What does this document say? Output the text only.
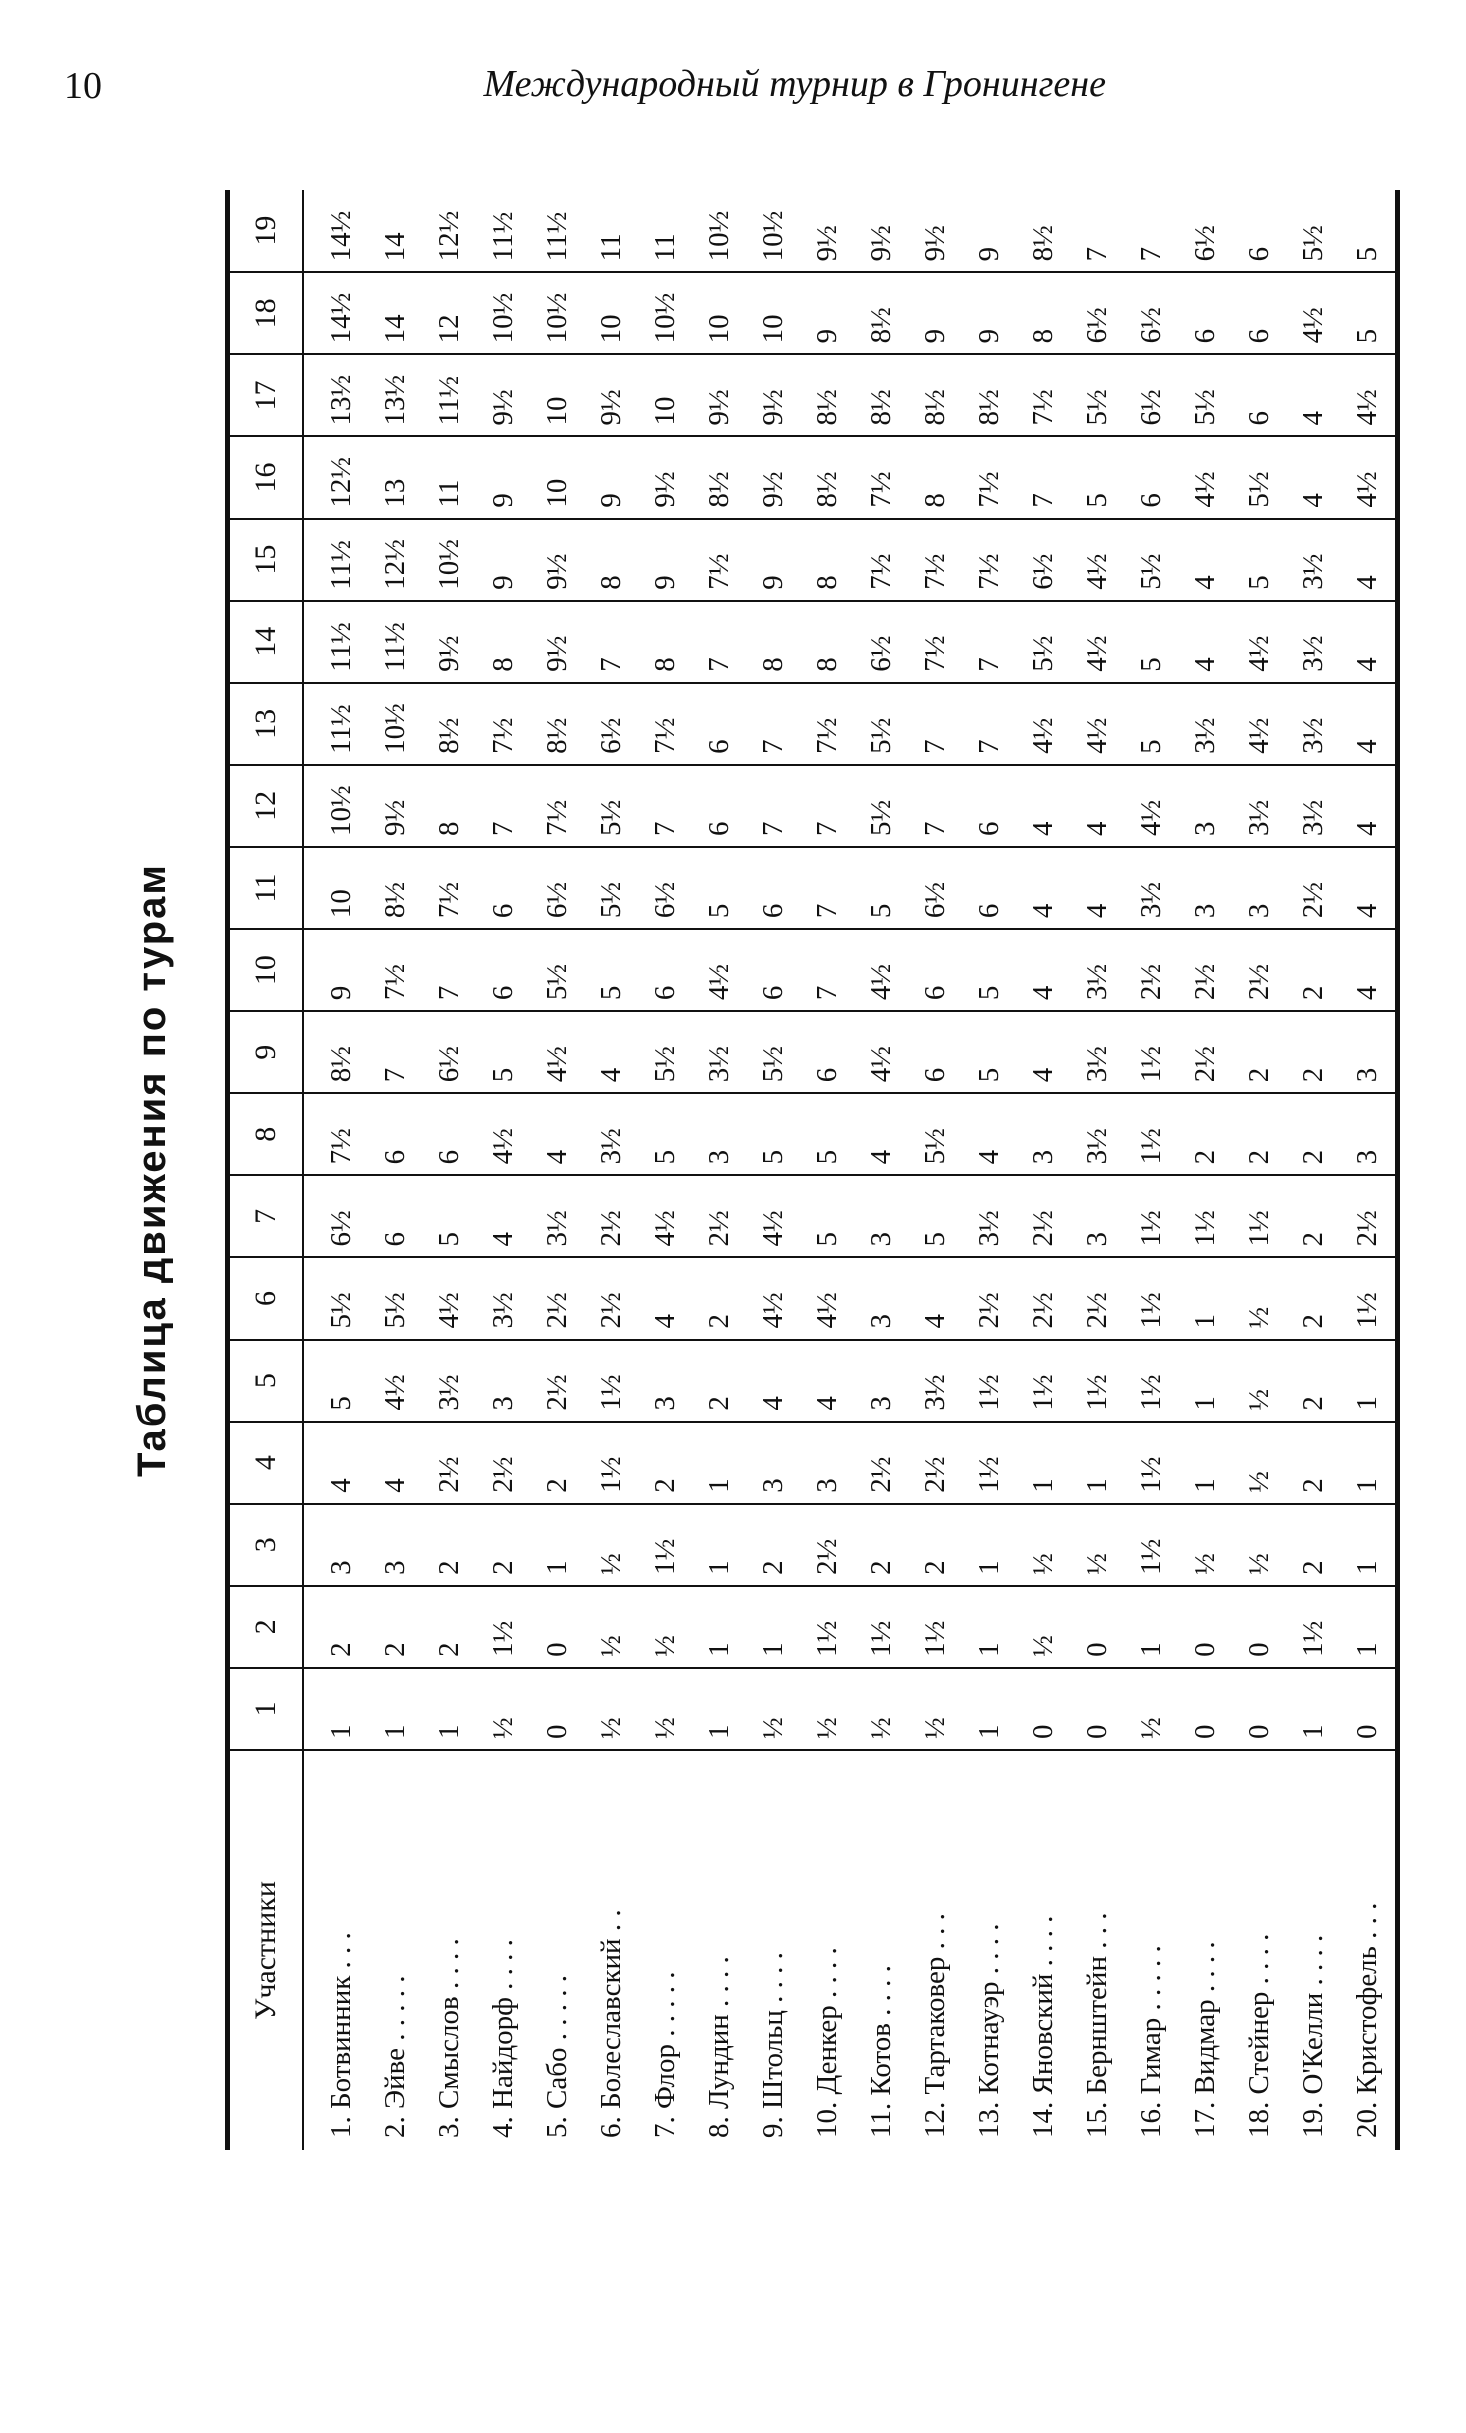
10	Международный турнир в Гронингене
Таблица движения по турам
Участники	1	2	3	4	5	6	7	8	9	10	11	12	13	14	15	16	17	18	19
1. Ботвинник . . .	1	2	3	4	5	5½	6½	7½	8½	9	10	10½	11½	11½	11½	12½	13½	14½	14½
2. Эйве . . . . .	1	2	3	4	4½	5½	6	6	7	7½	8½	9½	10½	11½	12½	13	13½	14	14
3. Смыслов . . . .	1	2	2	2½	3½	4½	5	6	6½	7	7½	8	8½	9½	10½	11	11½	12	12½
4. Найдорф . . . .	½	1½	2	2½	3	3½	4	4½	5	6	6	7	7½	8	9	9	9½	10½	11½
5. Сабо . . . . .	0	0	1	2	2½	2½	3½	4	4½	5½	6½	7½	8½	9½	9½	10	10	10½	11½
6. Болеславский . .	½	½	½	1½	1½	2½	2½	3½	4	5	5½	5½	6½	7	8	9	9½	10	11
7. Флор . . . . .	½	½	1½	2	3	4	4½	5	5½	6	6½	7	7½	8	9	9½	10	10½	11
8. Лундин . . . .	1	1	1	1	2	2	2½	3	3½	4½	5	6	6	7	7½	8½	9½	10	10½
9. Штольц . . . .	½	1	2	3	4	4½	4½	5	5½	6	6	7	7	8	9	9½	9½	10	10½
10. Денкер . . . .	½	1½	2½	3	4	4½	5	5	6	7	7	7	7½	8	8	8½	8½	9	9½
11. Котов . . . .	½	1½	2	2½	3	3	3	4	4½	4½	5	5½	5½	6½	7½	7½	8½	8½	9½
12. Тартаковер . . .	½	1½	2	2½	3½	4	5	5½	6	6	6½	7	7	7½	7½	8	8½	9	9½
13. Котнауэр . . . .	1	1	1	1½	1½	2½	3½	4	5	5	6	6	7	7	7½	7½	8½	9	9
14. Яновский . . . .	0	½	½	1	1½	2½	2½	3	4	4	4	4	4½	5½	6½	7	7½	8	8½
15. Бернштейн . . .	0	0	½	1	1½	2½	3	3½	3½	3½	4	4	4½	4½	4½	5	5½	6½	7
16. Гимар . . . . .	½	1	1½	1½	1½	1½	1½	1½	1½	2½	3½	4½	5	5	5½	6	6½	6½	7
17. Видмар . . . .	0	0	½	1	1	1	1½	2	2½	2½	3	3	3½	4	4	4½	5½	6	6½
18. Стейнер . . . .	0	0	½	½	½	½	1½	2	2	2½	3	3½	4½	4½	5	5½	6	6	6
19. О'Келли . . . .	1	1½	2	2	2	2	2	2	2	2	2½	3½	3½	3½	3½	4	4	4½	5½
20. Кристофель . . .	0	1	1	1	1	1½	2½	3	3	4	4	4	4	4	4	4½	4½	5	5
